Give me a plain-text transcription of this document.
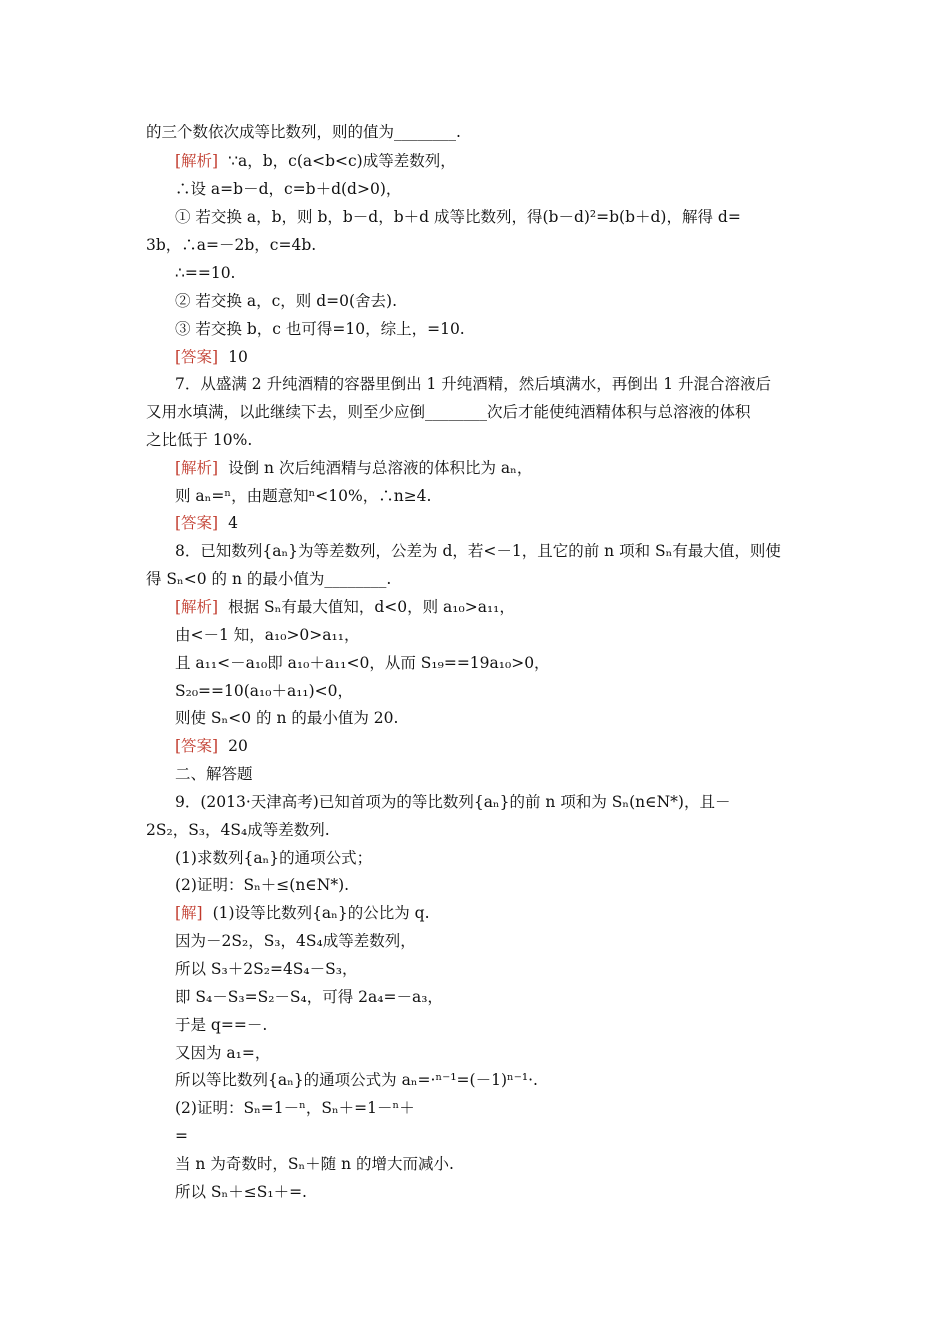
的三个数依次成等比数列，则的值为________.
[解析] ∵a，b，c(a<b<c)成等差数列，
∴设 a=b－d，c=b＋d(d>0)，
① 若交换 a，b，则 b，b－d，b＋d 成等比数列，得(b－d)²=b(b＋d)，解得 d=
3b，∴a=－2b，c=4b.
∴==10.
② 若交换 a，c，则 d=0(舍去).
③ 若交换 b，c 也可得=10，综上，=10.
[答案] 10
7．从盛满 2 升纯酒精的容器里倒出 1 升纯酒精，然后填满水，再倒出 1 升混合溶液后
又用水填满，以此继续下去，则至少应倒________次后才能使纯酒精体积与总溶液的体积
之比低于 10%.
[解析] 设倒 n 次后纯酒精与总溶液的体积比为 aₙ，
则 aₙ=ⁿ，由题意知ⁿ<10%，∴n≥4.
[答案] 4
8．已知数列{aₙ}为等差数列，公差为 d，若<－1，且它的前 n 项和 Sₙ有最大值，则使
得 Sₙ<0 的 n 的最小值为________.
[解析] 根据 Sₙ有最大值知，d<0，则 a₁₀>a₁₁，
由<－1 知，a₁₀>0>a₁₁，
且 a₁₁<－a₁₀即 a₁₀＋a₁₁<0，从而 S₁₉==19a₁₀>0，
S₂₀==10(a₁₀＋a₁₁)<0，
则使 Sₙ<0 的 n 的最小值为 20.
[答案] 20
二、解答题
9．(2013·天津高考)已知首项为的等比数列{aₙ}的前 n 项和为 Sₙ(n∈N*)，且－
2S₂，S₃，4S₄成等差数列.
(1)求数列{aₙ}的通项公式；
(2)证明：Sₙ＋≤(n∈N*).
[解] (1)设等比数列{aₙ}的公比为 q.
因为－2S₂，S₃，4S₄成等差数列，
所以 S₃＋2S₂=4S₄－S₃，
即 S₄－S₃=S₂－S₄，可得 2a₄=－a₃，
于是 q==－.
又因为 a₁=，
所以等比数列{aₙ}的通项公式为 aₙ=·ⁿ⁻¹=(－1)ⁿ⁻¹·.
(2)证明：Sₙ=1－ⁿ，Sₙ＋=1－ⁿ＋
=
当 n 为奇数时，Sₙ＋随 n 的增大而减小.
所以 Sₙ＋≤S₁＋=.
